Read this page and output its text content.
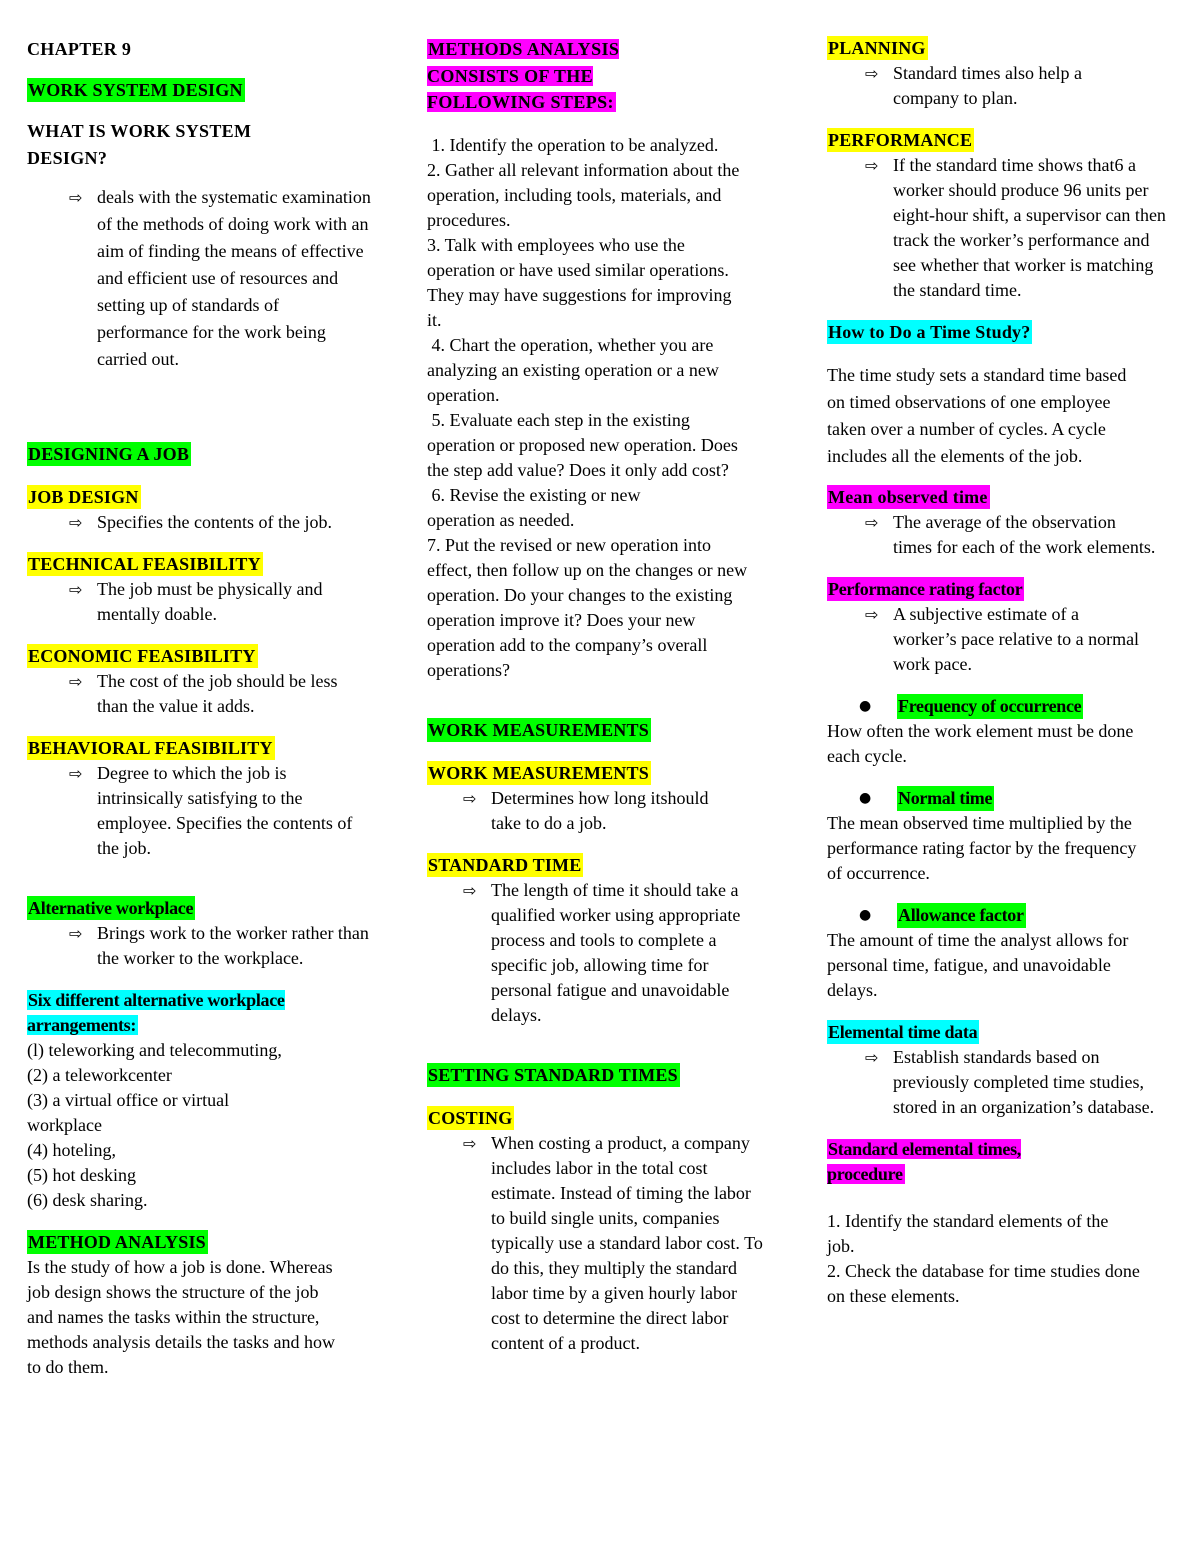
CHAPTER 9
WORK SYSTEM DESIGN
WHAT IS WORK SYSTEM DESIGN?
⇨ deals with the systematic examination of the methods of doing work with an aim of finding the means of effective and efficient use of resources and setting up of standards of performance for the work being carried out.
DESIGNING A JOB
JOB DESIGN
⇨ Specifies the contents of the job.
TECHNICAL FEASIBILITY
⇨ The job must be physically and mentally doable.
ECONOMIC FEASIBILITY
⇨ The cost of the job should be less than the value it adds.
BEHAVIORAL FEASIBILITY
⇨ Degree to which the job is intrinsically satisfying to the employee. Specifies the contents of the job.
Alternative workplace
⇨ Brings work to the worker rather than the worker to the workplace.
Six different alternative workplace arrangements:

(l) teleworking and telecommuting,

(2) a teleworkcenter

(3) a virtual office or virtual workplace

(4) hoteling,

(5) hot desking

(6) desk sharing.

METHOD ANALYSIS

Is the study of how a job is done. Whereas job design shows the structure of the job and names the tasks within the structure, methods analysis details the tasks and how to do them.

METHODS ANALYSIS CONSISTS OF THE FOLLOWING STEPS:

1. Identify the operation to be analyzed.

2. Gather all relevant information about the operation, including tools, materials, and procedures.

3. Talk with employees who use the operation or have used similar operations. They may have suggestions for improving it.

4. Chart the operation, whether you are analyzing an existing operation or a new operation.

5. Evaluate each step in the existing operation or proposed new operation. Does the step add value? Does it only add cost?

6. Revise the existing or new operation as needed.

7. Put the revised or new operation into effect, then follow up on the changes or new operation. Do your changes to the existing operation improve it? Does your new operation add to the company’s overall operations?

WORK MEASUREMENTS
WORK MEASUREMENTS
⇨ Determines how long itshould take to do a job.
STANDARD TIME
⇨ The length of time it should take a qualified worker using appropriate process and tools to complete a specific job, allowing time for personal fatigue and unavoidable delays.
SETTING STANDARD TIMES
COSTING
⇨ When costing a product, a company includes labor in the total cost estimate. Instead of timing the labor to build single units, companies typically use a standard labor cost. To do this, they multiply the standard labor time by a given hourly labor cost to determine the direct labor content of a product.
PLANNING
⇨ Standard times also help a company to plan.
PERFORMANCE
⇨ If the standard time shows that6 a worker should produce 96 units per eight-hour shift, a supervisor can then track the worker’s performance and see whether that worker is matching the standard time.
How to Do a Time Study?

The time study sets a standard time based on timed observations of one employee taken over a number of cycles. A cycle includes all the elements of the job.

Mean observed time
⇨ The average of the observation times for each of the work elements.
Performance rating factor
⇨ A subjective estimate of a worker’s pace relative to a normal work pace.
●	Frequency of occurrence

How often the work element must be done each cycle.

●	Normal time

The mean observed time multiplied by the performance rating factor by the frequency of occurrence.

●	Allowance factor

The amount of time the analyst allows for personal time, fatigue, and unavoidable delays.

Elemental time data
⇨ Establish standards based on previously completed time studies, stored in an organization’s database.
Standard elemental times, procedure

1. Identify the standard elements of the job.

2. Check the database for time studies done on these elements.
